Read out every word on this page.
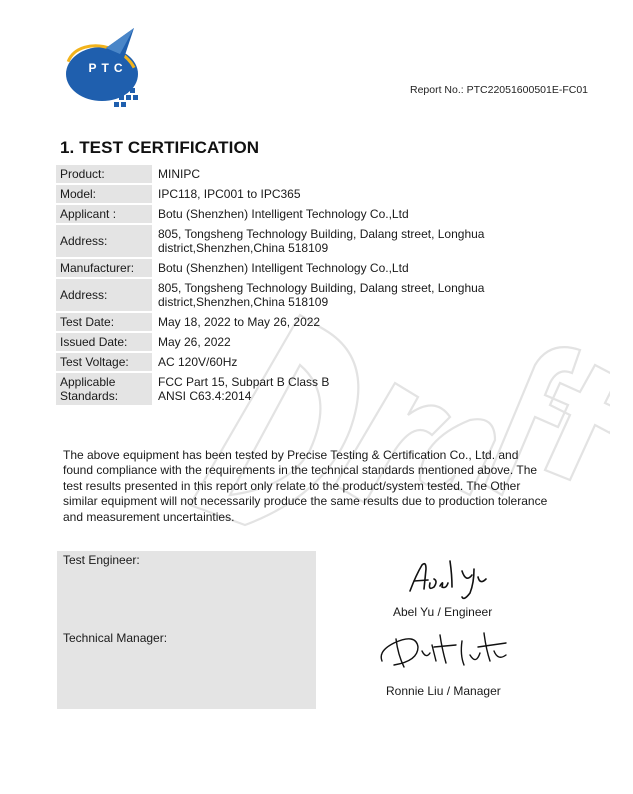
PTC
Report No.: PTC22051600501E-FC01
1. TEST CERTIFICATION
Product:	MINIPC

Model:	IPC118, IPC001 to IPC365

Applicant :	Botu (Shenzhen) Intelligent Technology Co.,Ltd

Address:	805, Tongsheng Technology Building, Dalang street, Longhua
district,Shenzhen,China 518109

Manufacturer:	Botu (Shenzhen) Intelligent Technology Co.,Ltd

Address:	805, Tongsheng Technology Building, Dalang street, Longhua
district,Shenzhen,China 518109

Test Date:	May 18, 2022 to May 26, 2022

Issued Date:	May 26, 2022

Test Voltage:	AC 120V/60Hz

Applicable
Standards:	FCC Part 15, Subpart B Class B
ANSI C63.4:2014
The above equipment has been tested by Precise Testing & Certification Co., Ltd. and
found compliance with the requirements in the technical standards mentioned above. The
test results presented in this report only relate to the product/system tested. The Other
similar equipment will not necessarily produce the same results due to production tolerance
and measurement uncertainties.
Test Engineer:
Technical Manager:
Abel Yu / Engineer
Ronnie Liu / Manager
